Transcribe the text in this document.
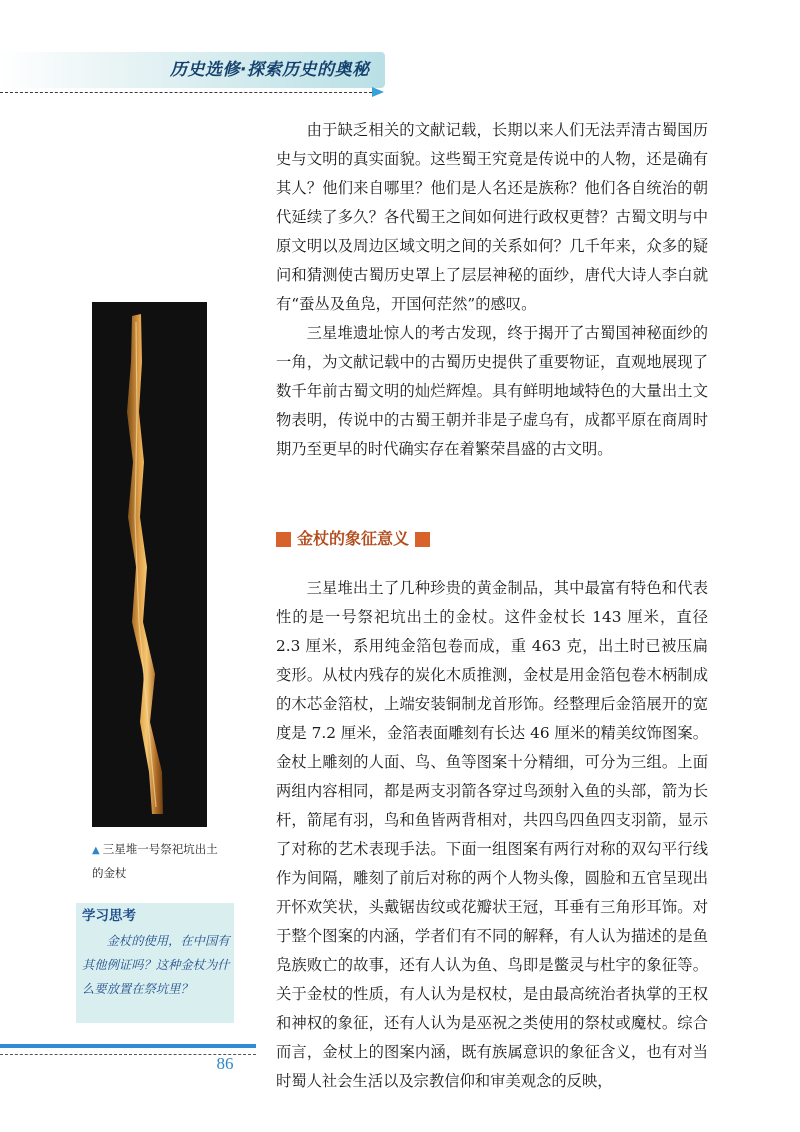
历史选修·探索历史的奥秘

由于缺乏相关的文献记载，长期以来人们无法弄清古蜀国历史与文明的真实面貌。这些蜀王究竟是传说中的人物，还是确有其人？他们来自哪里？他们是人名还是族称？他们各自统治的朝代延续了多久？各代蜀王之间如何进行政权更替？古蜀文明与中原文明以及周边区域文明之间的关系如何？几千年来，众多的疑问和猜测使古蜀历史罩上了层层神秘的面纱，唐代大诗人李白就有“蚕丛及鱼凫，开国何茫然”的感叹。

三星堆遗址惊人的考古发现，终于揭开了古蜀国神秘面纱的一角，为文献记载中的古蜀历史提供了重要物证，直观地展现了数千年前古蜀文明的灿烂辉煌。具有鲜明地域特色的大量出土文物表明，传说中的古蜀王朝并非是子虚乌有，成都平原在商周时期乃至更早的时代确实存在着繁荣昌盛的古文明。

金杖的象征意义

三星堆出土了几种珍贵的黄金制品，其中最富有特色和代表性的是一号祭祀坑出土的金杖。这件金杖长 143 厘米，直径 2.3 厘米，系用纯金箔包卷而成，重 463 克，出土时已被压扁变形。从杖内残存的炭化木质推测，金杖是用金箔包卷木柄制成的木芯金箔杖，上端安装铜制龙首形饰。经整理后金箔展开的宽度是 7.2 厘米，金箔表面雕刻有长达 46 厘米的精美纹饰图案。金杖上雕刻的人面、鸟、鱼等图案十分精细，可分为三组。上面两组内容相同，都是两支羽箭各穿过鸟颈射入鱼的头部，箭为长杆，箭尾有羽，鸟和鱼皆两背相对，共四鸟四鱼四支羽箭，显示了对称的艺术表现手法。下面一组图案有两行对称的双勾平行线作为间隔，雕刻了前后对称的两个人物头像，圆脸和五官呈现出开怀欢笑状，头戴锯齿纹或花瓣状王冠，耳垂有三角形耳饰。对于整个图案的内涵，学者们有不同的解释，有人认为描述的是鱼凫族败亡的故事，还有人认为鱼、鸟即是鳖灵与杜宇的象征等。关于金杖的性质，有人认为是权杖，是由最高统治者执掌的王权和神权的象征，还有人认为是巫祝之类使用的祭杖或魔杖。综合而言，金杖上的图案内涵，既有族属意识的象征含义，也有对当时蜀人社会生活以及宗教信仰和审美观念的反映，

▲ 三星堆一号祭祀坑出土的金杖
学习思考

金杖的使用，在中国有其他例证吗？这种金杖为什么要放置在祭坑里？

86
